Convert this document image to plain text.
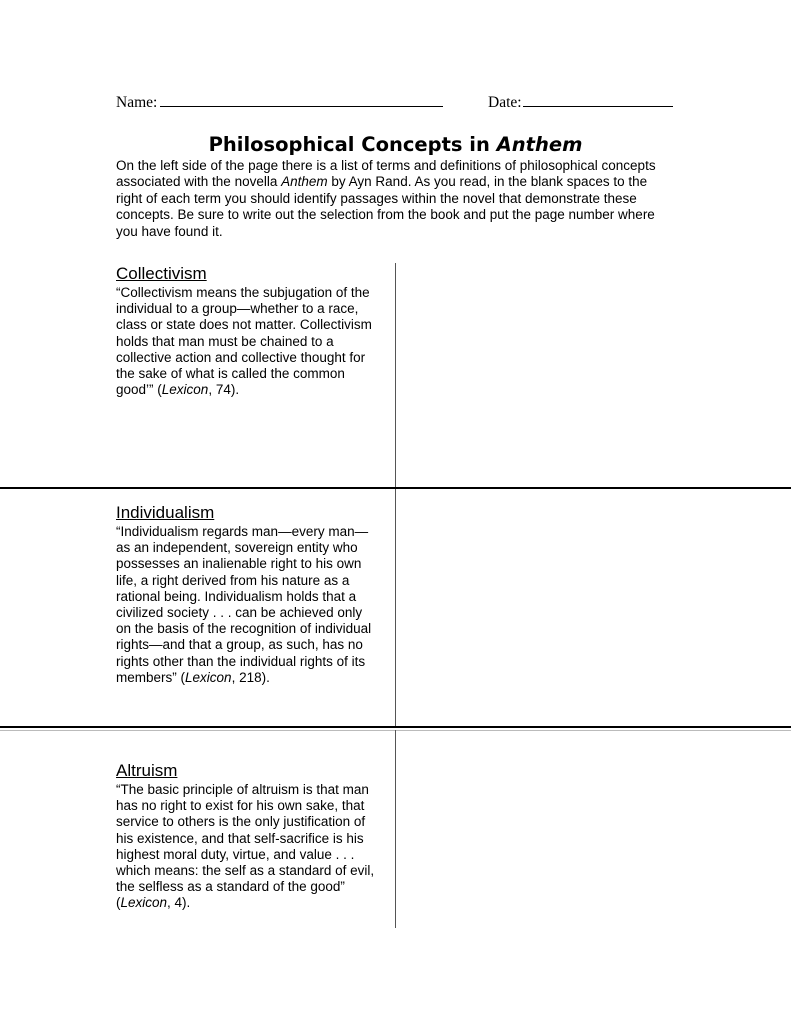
Name:	Date:
Philosophical Concepts in Anthem
On the left side of the page there is a list of terms and definitions of philosophical concepts associated with the novella Anthem by Ayn Rand. As you read, in the blank spaces to the right of each term you should identify passages within the novel that demonstrate these concepts. Be sure to write out the selection from the book and put the page number where you have found it.
Collectivism
“Collectivism means the subjugation of the individual to a group—whether to a race, class or state does not matter. Collectivism holds that man must be chained to a collective action and collective thought for the sake of what is called the common good’” (Lexicon, 74).
Individualism
“Individualism regards man—every man—as an independent, sovereign entity who possesses an inalienable right to his own life, a right derived from his nature as a rational being. Individualism holds that a civilized society . . . can be achieved only on the basis of the recognition of individual rights—and that a group, as such, has no rights other than the individual rights of its members” (Lexicon, 218).
Altruism
“The basic principle of altruism is that man has no right to exist for his own sake, that service to others is the only justification of his existence, and that self-sacrifice is his highest moral duty, virtue, and value . . . which means: the self as a standard of evil, the selfless as a standard of the good” (Lexicon, 4).
